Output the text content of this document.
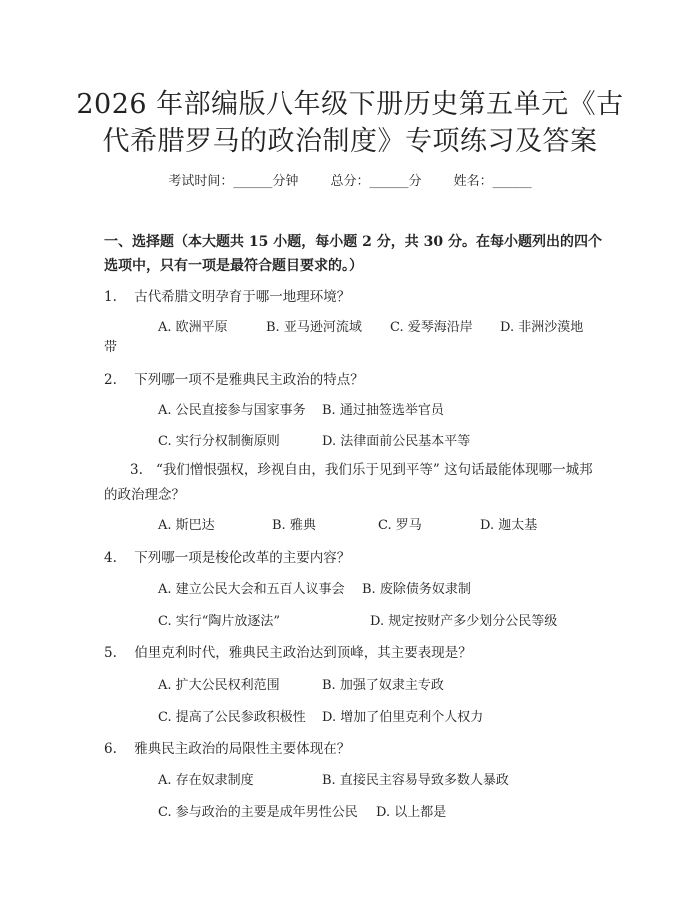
2026 年部编版八年级下册历史第五单元《古
代希腊罗马的政治制度》专项练习及答案
考试时间：______分钟 总分：______分 姓名：______
一、选择题（本大题共 15 小题，每小题 2 分，共 30 分。在每小题列出的四个选项中，只有一项是最符合题目要求的。）
1. 古代希腊文明孕育于哪一地理环境？
A. 欧洲平原	B. 亚马逊河流域 C. 爱琴海沿岸 D. 非洲沙漠地
带
2. 下列哪一项不是雅典民主政治的特点？
A. 公民直接参与国家事务 B. 通过抽签选举官员
C. 实行分权制衡原则	D. 法律面前公民基本平等
3. “我们憎恨强权，珍视自由，我们乐于见到平等” 这句话最能体现哪一城邦的政治理念？
A. 斯巴达	B. 雅典	C. 罗马	D. 迦太基
4. 下列哪一项是梭伦改革的主要内容？
A. 建立公民大会和五百人议事会 B. 废除债务奴隶制
C. 实行“陶片放逐法”	D. 规定按财产多少划分公民等级
5. 伯里克利时代，雅典民主政治达到顶峰，其主要表现是？
A. 扩大公民权利范围	B. 加强了奴隶主专政
C. 提高了公民参政积极性 D. 增加了伯里克利个人权力
6. 雅典民主政治的局限性主要体现在？
A. 存在奴隶制度	B. 直接民主容易导致多数人暴政
C. 参与政治的主要是成年男性公民 D. 以上都是
